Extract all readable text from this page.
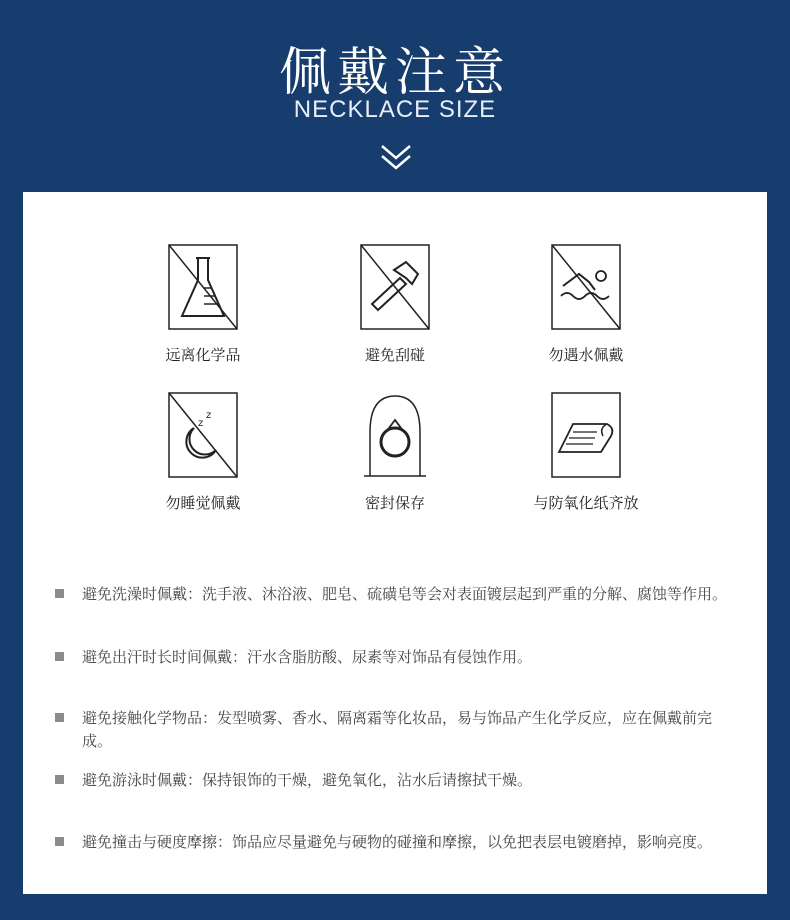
佩戴注意
NECKLACE SIZE
远离化学品	避免刮碰	勿遇水佩戴
z
z
勿睡觉佩戴	密封保存	与防氧化纸齐放
避免洗澡时佩戴：洗手液、沐浴液、肥皂、硫磺皂等会对表面镀层起到严重的分解、腐蚀等作用。
避免出汗时长时间佩戴：汗水含脂肪酸、尿素等对饰品有侵蚀作用。
避免接触化学物品：发型喷雾、香水、隔离霜等化妆品，易与饰品产生化学反应，应在佩戴前完成。
避免游泳时佩戴：保持银饰的干燥，避免氧化，沾水后请擦拭干燥。
避免撞击与硬度摩擦：饰品应尽量避免与硬物的碰撞和摩擦，以免把表层电镀磨掉，影响亮度。
